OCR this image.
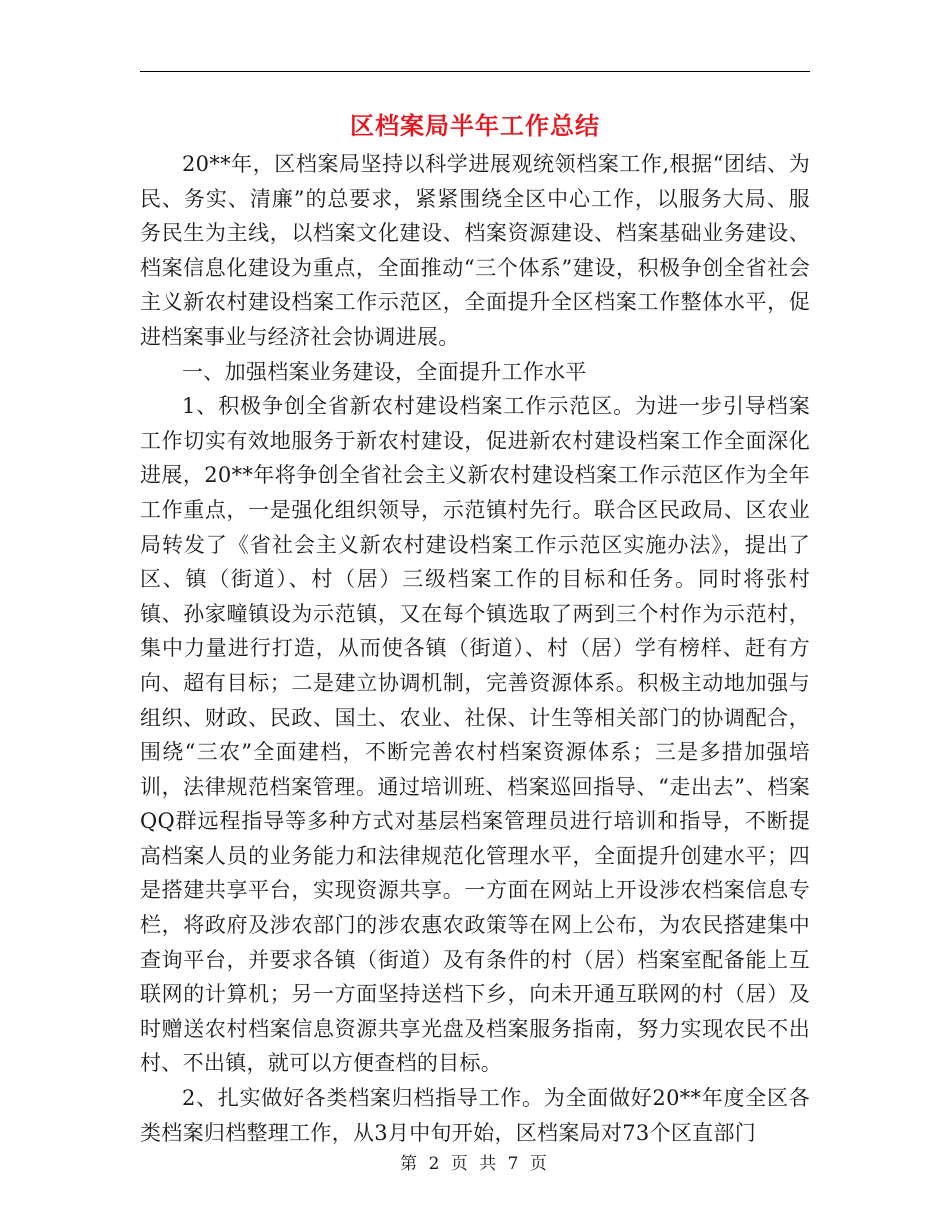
区档案局半年工作总结

20**年，区档案局坚持以科学进展观统领档案工作,根据“团结、为民、务实、清廉”的总要求，紧紧围绕全区中心工作，以服务大局、服务民生为主线，以档案文化建设、档案资源建设、档案基础业务建设、档案信息化建设为重点，全面推动“三个体系”建设，积极争创全省社会主义新农村建设档案工作示范区，全面提升全区档案工作整体水平，促进档案事业与经济社会协调进展。

一、加强档案业务建设，全面提升工作水平

1、积极争创全省新农村建设档案工作示范区。为进一步引导档案工作切实有效地服务于新农村建设，促进新农村建设档案工作全面深化进展，20**年将争创全省社会主义新农村建设档案工作示范区作为全年工作重点，一是强化组织领导，示范镇村先行。联合区民政局、区农业局转发了《省社会主义新农村建设档案工作示范区实施办法》，提出了区、镇（街道）、村（居）三级档案工作的目标和任务。同时将张村镇、孙家疃镇设为示范镇，又在每个镇选取了两到三个村作为示范村，集中力量进行打造，从而使各镇（街道）、村（居）学有榜样、赶有方向、超有目标；二是建立协调机制，完善资源体系。积极主动地加强与组织、财政、民政、国土、农业、社保、计生等相关部门的协调配合，围绕“三农”全面建档，不断完善农村档案资源体系；三是多措加强培训，法律规范档案管理。通过培训班、档案巡回指导、“走出去”、档案QQ群远程指导等多种方式对基层档案管理员进行培训和指导，不断提高档案人员的业务能力和法律规范化管理水平，全面提升创建水平；四是搭建共享平台，实现资源共享。一方面在网站上开设涉农档案信息专栏，将政府及涉农部门的涉农惠农政策等在网上公布，为农民搭建集中查询平台，并要求各镇（街道）及有条件的村（居）档案室配备能上互联网的计算机；另一方面坚持送档下乡，向未开通互联网的村（居）及时赠送农村档案信息资源共享光盘及档案服务指南，努力实现农民不出村、不出镇，就可以方便查档的目标。

2、扎实做好各类档案归档指导工作。为全面做好20**年度全区各类档案归档整理工作，从3月中旬开始，区档案局对73个区直部门

第 2 页 共 7 页
